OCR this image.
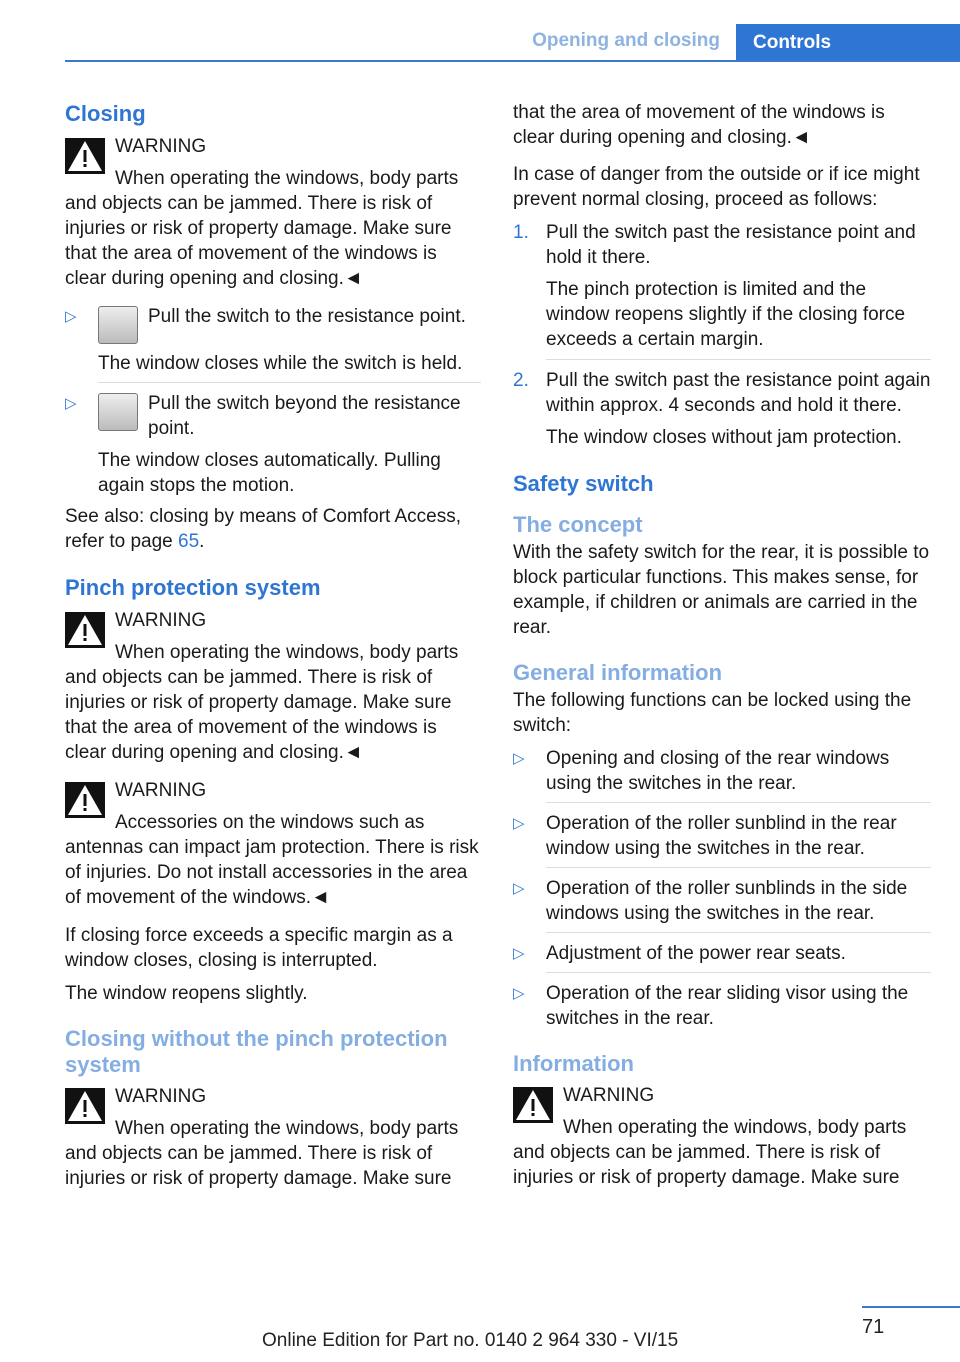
Opening and closing	Controls
Closing
WARNING
When operating the windows, body parts and objects can be jammed. There is risk of injuries or risk of property damage. Make sure that the area of movement of the windows is clear during opening and closing.◄
▷	Pull the switch to the resistance point.
The window closes while the switch is held.
▷	Pull the switch beyond the resistance point.
The window closes automatically. Pulling again stops the motion.

See also: closing by means of Comfort Access, refer to page 65.

Pinch protection system
WARNING
When operating the windows, body parts and objects can be jammed. There is risk of injuries or risk of property damage. Make sure that the area of movement of the windows is clear during opening and closing.◄
WARNING
Accessories on the windows such as antennas can impact jam protection. There is risk of injuries. Do not install accessories in the area of movement of the windows.◄

If closing force exceeds a specific margin as a window closes, closing is interrupted.

The window reopens slightly.

Closing without the pinch protection system
WARNING
When operating the windows, body parts and objects can be jammed. There is risk of injuries or risk of property damage. Make sure

that the area of movement of the windows is clear during opening and closing.◄

In case of danger from the outside or if ice might prevent normal closing, proceed as follows:

1. Pull the switch past the resistance point and hold it there.
The pinch protection is limited and the window reopens slightly if the closing force exceeds a certain margin.
2. Pull the switch past the resistance point again within approx. 4 seconds and hold it there.
The window closes without jam protection.
Safety switch
The concept

With the safety switch for the rear, it is possible to block particular functions. This makes sense, for example, if children or animals are carried in the rear.

General information

The following functions can be locked using the switch:

▷ Opening and closing of the rear windows using the switches in the rear.
▷ Operation of the roller sunblind in the rear window using the switches in the rear.
▷ Operation of the roller sunblinds in the side windows using the switches in the rear.
▷ Adjustment of the power rear seats.
▷ Operation of the rear sliding visor using the switches in the rear.
Information
WARNING
When operating the windows, body parts and objects can be jammed. There is risk of injuries or risk of property damage. Make sure
71
Online Edition for Part no. 0140 2 964 330 - VI/15
